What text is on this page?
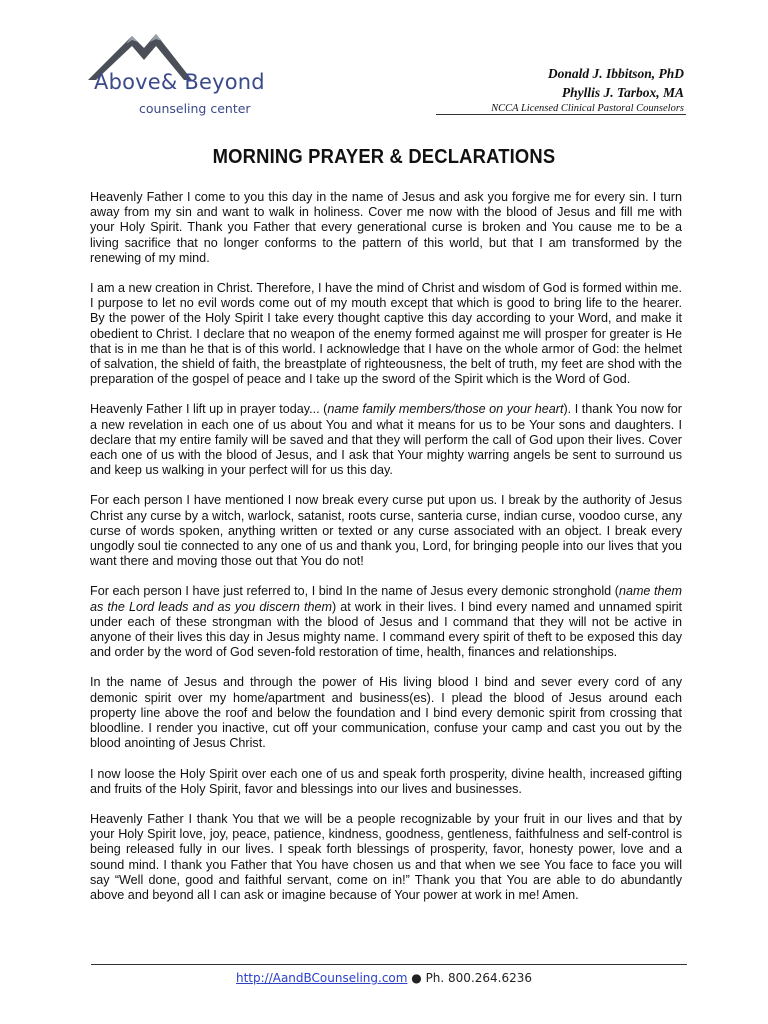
Above& Beyond
counseling center
Donald J. Ibbitson, PhD
Phyllis J. Tarbox, MA
NCCA Licensed Clinical Pastoral Counselors
MORNING PRAYER & DECLARATIONS

Heavenly Father I come to you this day in the name of Jesus and ask you forgive me for every sin. I turn away from my sin and want to walk in holiness. Cover me now with the blood of Jesus and fill me with your Holy Spirit. Thank you Father that every generational curse is broken and You cause me to be a living sacrifice that no longer conforms to the pattern of this world, but that I am transformed by the renewing of my mind.

I am a new creation in Christ. Therefore, I have the mind of Christ and wisdom of God is formed within me. I purpose to let no evil words come out of my mouth except that which is good to bring life to the hearer. By the power of the Holy Spirit I take every thought captive this day according to your Word, and make it obedient to Christ. I declare that no weapon of the enemy formed against me will prosper for greater is He that is in me than he that is of this world. I acknowledge that I have on the whole armor of God: the helmet of salvation, the shield of faith, the breastplate of righteousness, the belt of truth, my feet are shod with the preparation of the gospel of peace and I take up the sword of the Spirit which is the Word of God.

Heavenly Father I lift up in prayer today... (name family members/those on your heart). I thank You now for a new revelation in each one of us about You and what it means for us to be Your sons and daughters. I declare that my entire family will be saved and that they will perform the call of God upon their lives. Cover each one of us with the blood of Jesus, and I ask that Your mighty warring angels be sent to surround us and keep us walking in your perfect will for us this day.

For each person I have mentioned I now break every curse put upon us. I break by the authority of Jesus Christ any curse by a witch, warlock, satanist, roots curse, santeria curse, indian curse, voodoo curse, any curse of words spoken, anything written or texted or any curse associated with an object. I break every ungodly soul tie connected to any one of us and thank you, Lord, for bringing people into our lives that you want there and moving those out that You do not!

For each person I have just referred to, I bind In the name of Jesus every demonic stronghold (name them as the Lord leads and as you discern them) at work in their lives. I bind every named and unnamed spirit under each of these strongman with the blood of Jesus and I command that they will not be active in anyone of their lives this day in Jesus mighty name. I command every spirit of theft to be exposed this day and order by the word of God seven-fold restoration of time, health, finances and relationships.

In the name of Jesus and through the power of His living blood I bind and sever every cord of any demonic spirit over my home/apartment and business(es). I plead the blood of Jesus around each property line above the roof and below the foundation and I bind every demonic spirit from crossing that bloodline. I render you inactive, cut off your communication, confuse your camp and cast you out by the blood anointing of Jesus Christ.

I now loose the Holy Spirit over each one of us and speak forth prosperity, divine health, increased gifting and fruits of the Holy Spirit, favor and blessings into our lives and businesses.

Heavenly Father I thank You that we will be a people recognizable by your fruit in our lives and that by your Holy Spirit love, joy, peace, patience, kindness, goodness, gentleness, faithfulness and self-control is being released fully in our lives. I speak forth blessings of prosperity, favor, honesty power, love and a sound mind. I thank you Father that You have chosen us and that when we see You face to face you will say “Well done, good and faithful servant, come on in!” Thank you that You are able to do abundantly above and beyond all I can ask or imagine because of Your power at work in me! Amen.

http://AandBCounseling.com ● Ph. 800.264.6236
